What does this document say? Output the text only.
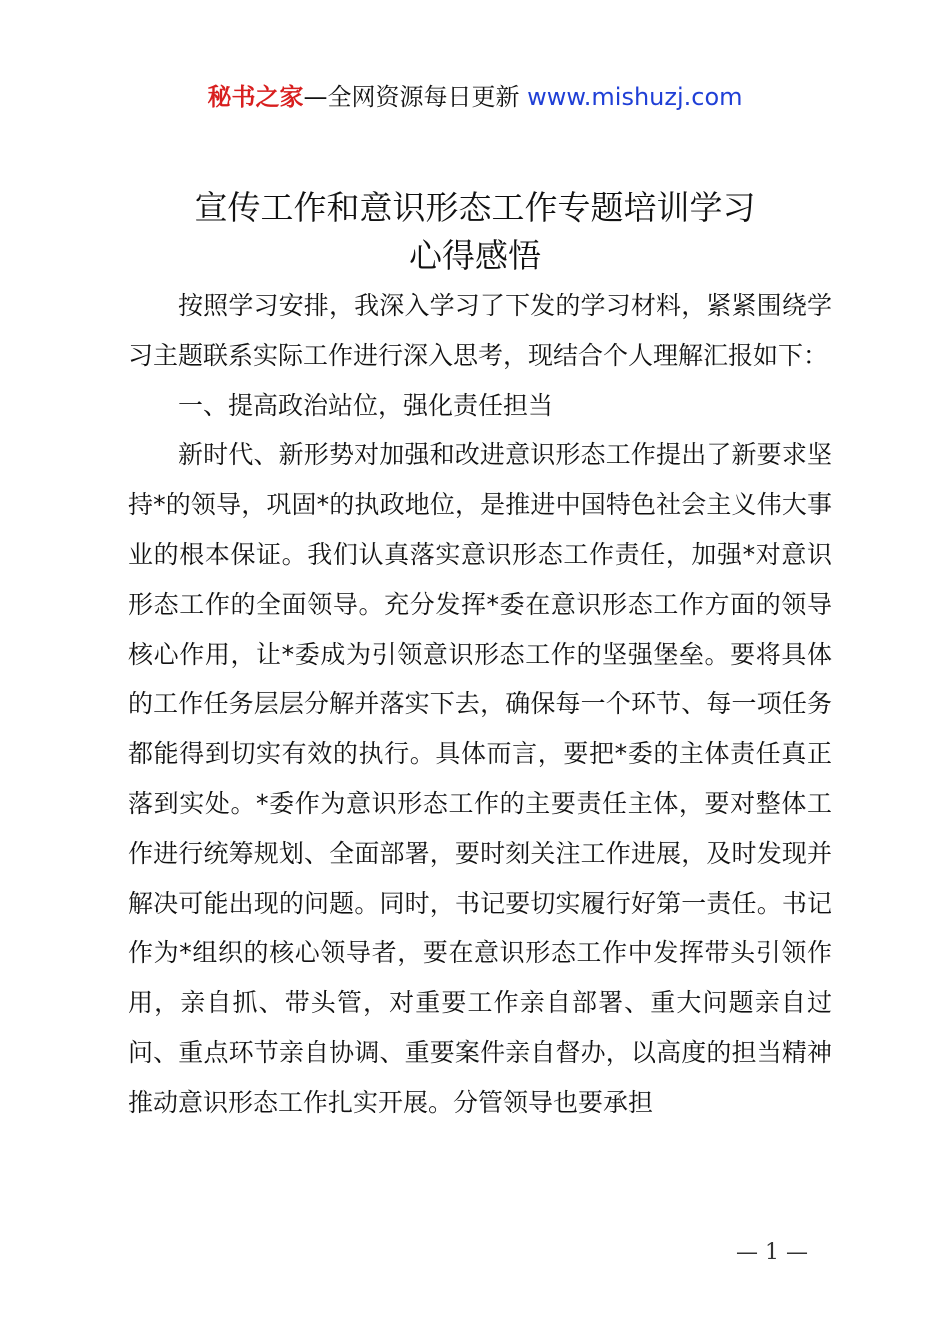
秘书之家—全网资源每日更新 www.mishuzj.com
宣传工作和意识形态工作专题培训学习
心得感悟

按照学习安排，我深入学习了下发的学习材料，紧紧围绕学习主题联系实际工作进行深入思考，现结合个人理解汇报如下：

一、提高政治站位，强化责任担当

新时代、新形势对加强和改进意识形态工作提出了新要求坚持*的领导，巩固*的执政地位，是推进中国特色社会主义伟大事业的根本保证。我们认真落实意识形态工作责任，加强*对意识形态工作的全面领导。充分发挥*委在意识形态工作方面的领导核心作用，让*委成为引领意识形态工作的坚强堡垒。要将具体的工作任务层层分解并落实下去，确保每一个环节、每一项任务都能得到切实有效的执行。具体而言，要把*委的主体责任真正落到实处。*委作为意识形态工作的主要责任主体，要对整体工作进行统筹规划、全面部署，要时刻关注工作进展，及时发现并解决可能出现的问题。同时，书记要切实履行好第一责任。书记作为*组织的核心领导者，要在意识形态工作中发挥带头引领作用，亲自抓、带头管，对重要工作亲自部署、重大问题亲自过问、重点环节亲自协调、重要案件亲自督办，以高度的担当精神推动意识形态工作扎实开展。分管领导也要承担

— 1 —
